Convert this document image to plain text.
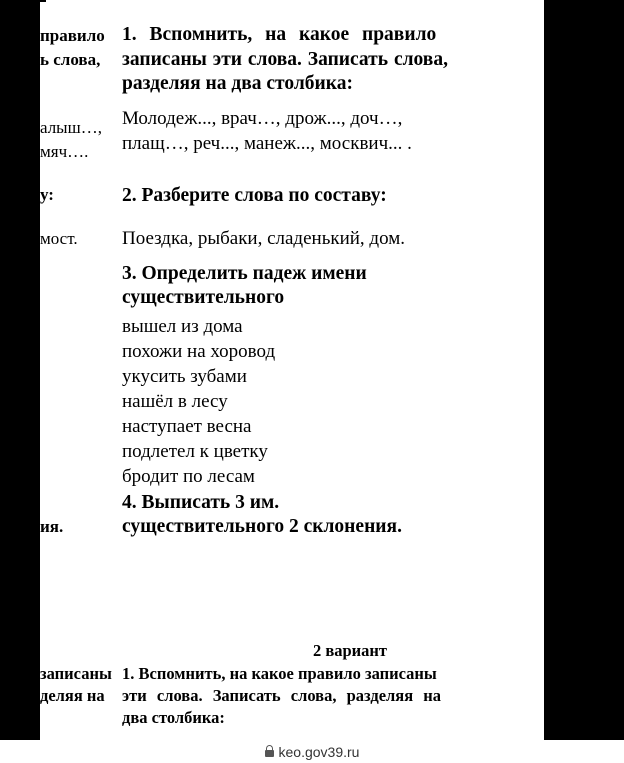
правило

ь слова,

алыш…,

мяч….

у:

мост.

ия.

1. Вспомнить, на какое правило

записаны эти слова. Записать слова,

разделяя на два столбика:

Молодеж..., врач…, дрож..., доч…,

плащ…, реч..., манеж..., москвич... .

2. Разберите слова по составу:

Поездка, рыбаки, сладенький, дом.

3. Определить падеж имени

существительного

вышел из дома

похожи на хоровод

укусить зубами

нашёл в лесу

наступает весна

подлетел к цветку

бродит по лесам

4. Выписать 3 им.

существительного 2 склонения.

2 вариант

записаны

деляя на

1. Вспомнить, на какое правило записаны

эти слова. Записать слова, разделяя на

два столбика:

keo.gov39.ru
